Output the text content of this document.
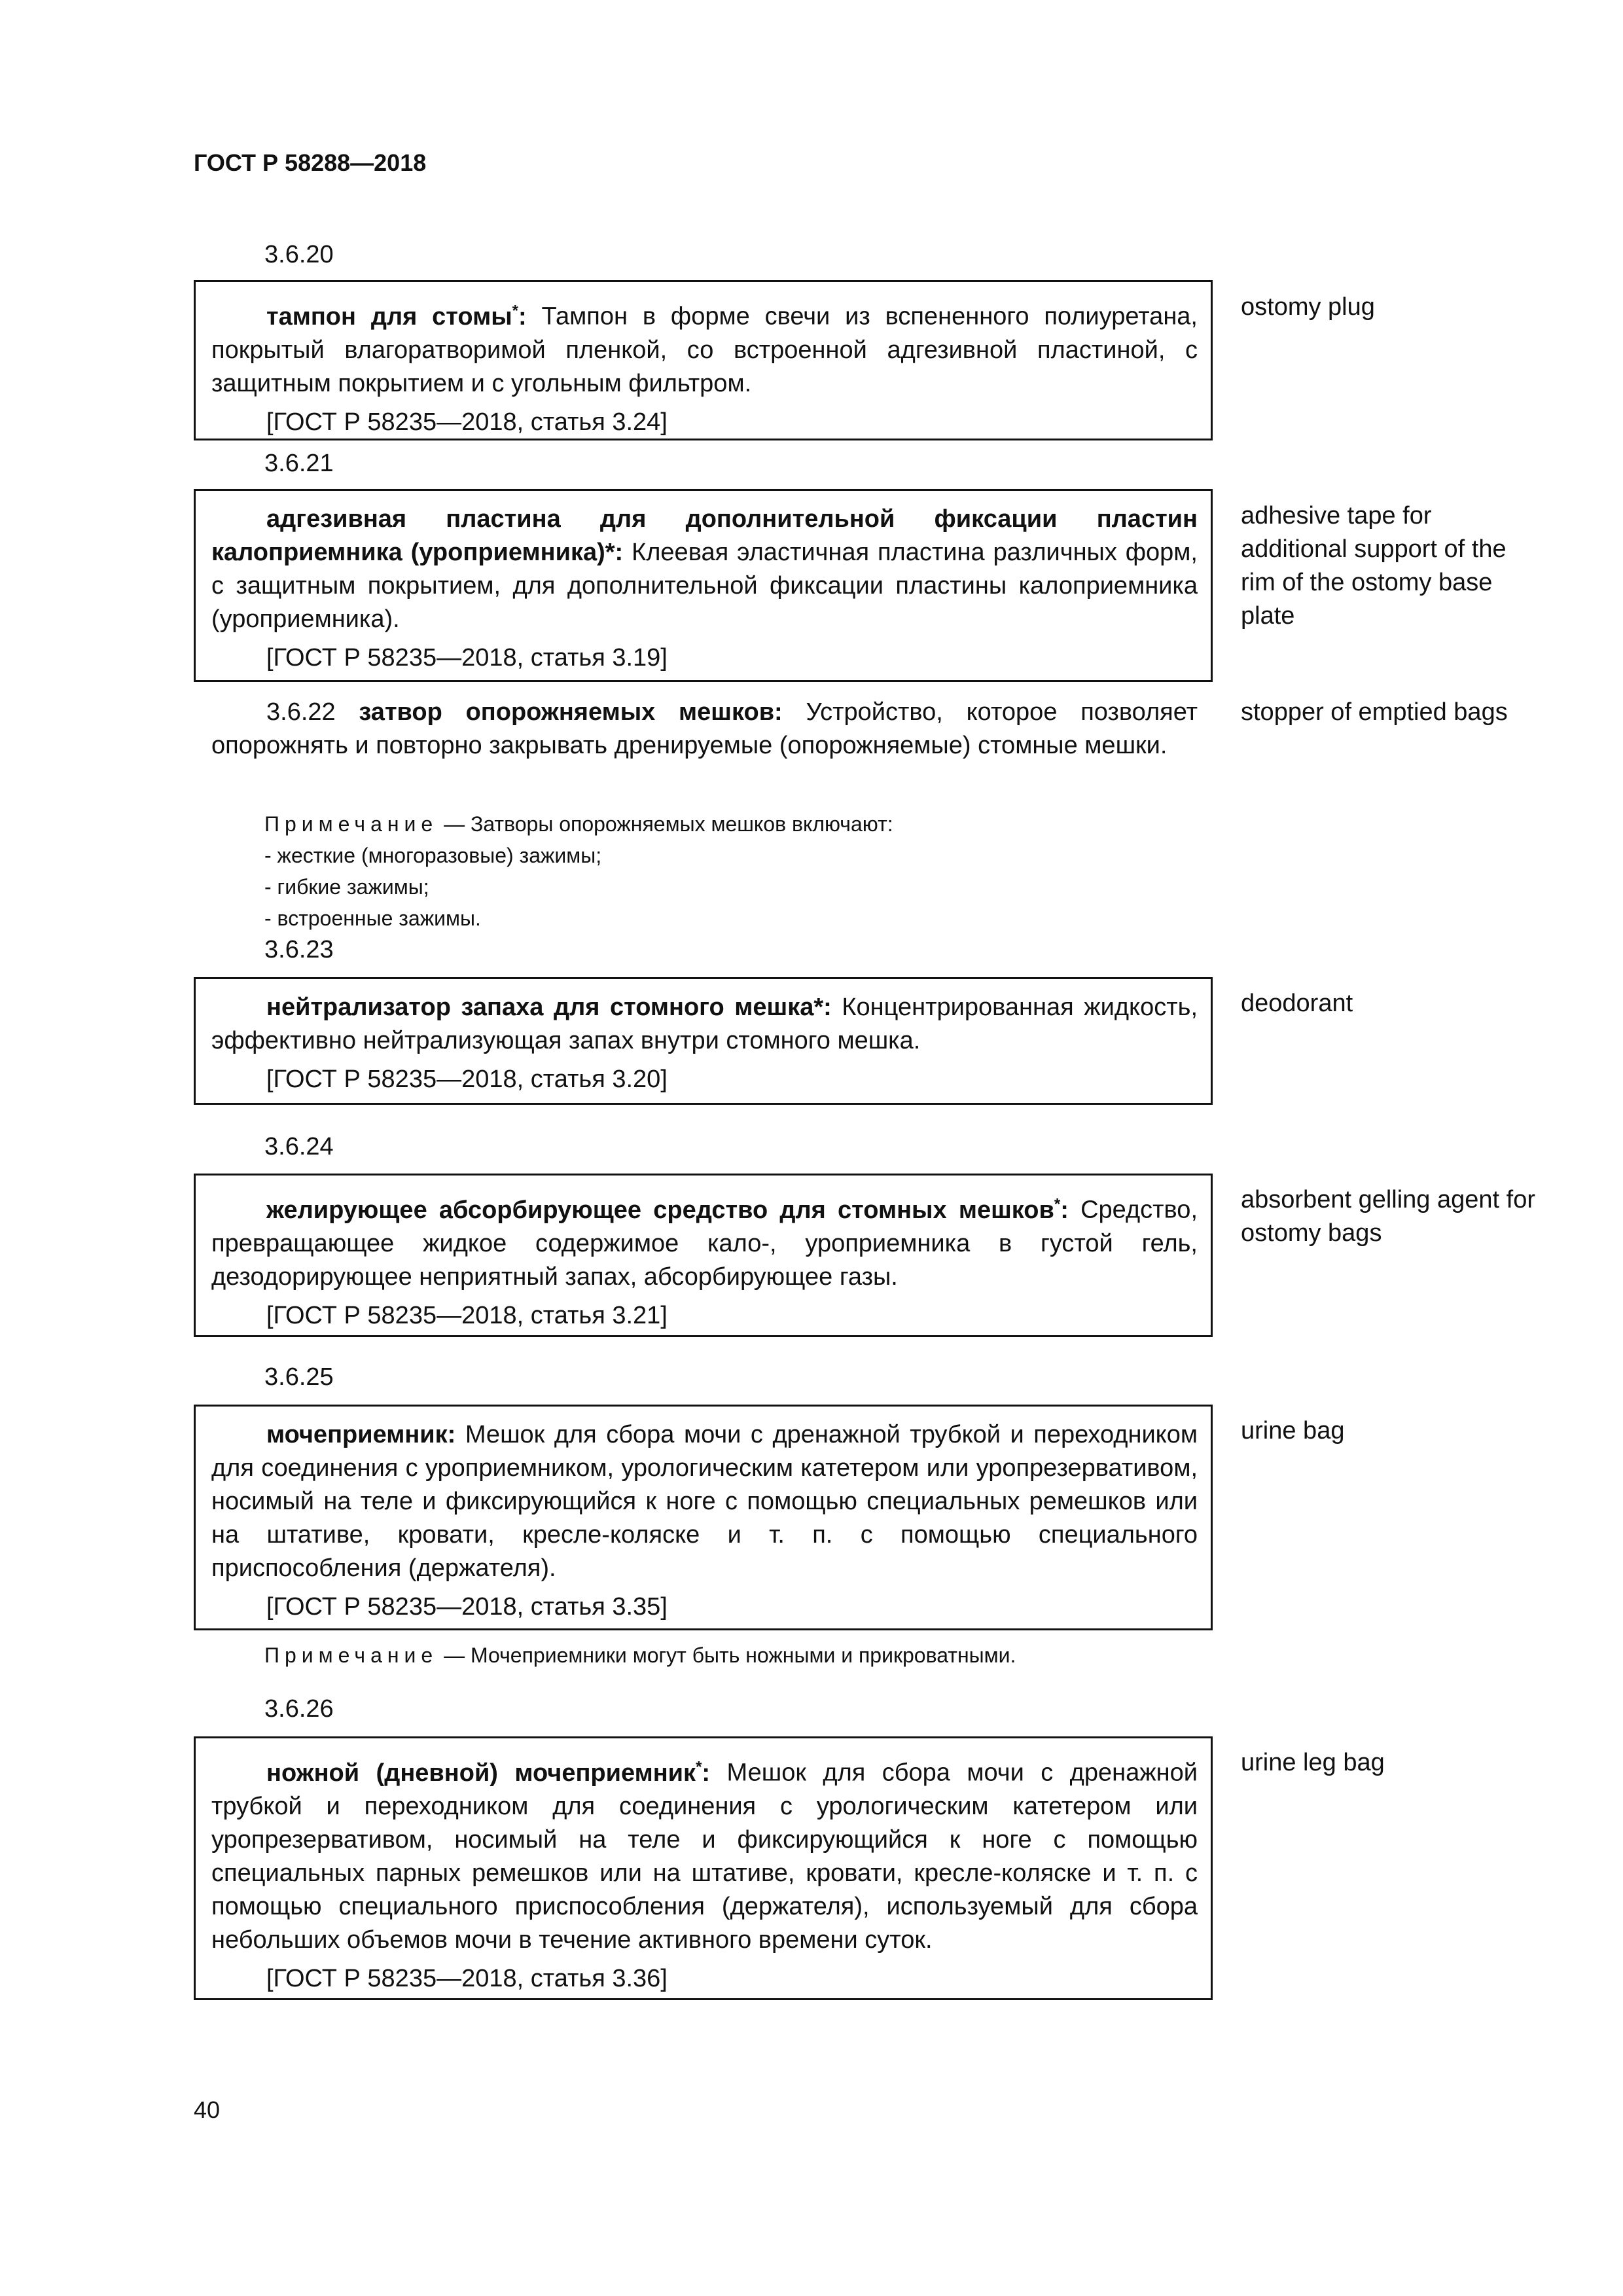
ГОСТ Р 58288—2018
3.6.20

тампон для стомы*: Тампон в форме свечи из вспененного полиуретана, покрытый влагоратворимой пленкой, со встроенной адгезивной пластиной, с защитным покрытием и с угольным фильтром.

[ГОСТ Р 58235—2018, статья 3.24]

ostomy plug

3.6.21

адгезивная пластина для дополнительной фиксации пластин калоприемника (уроприемника)*: Клеевая эластичная пластина различных форм, с защитным покрытием, для дополнительной фиксации пластины калоприемника (уроприемника).

[ГОСТ Р 58235—2018, статья 3.19]

adhesive tape for additional support of the rim of the ostomy base plate

3.6.22 затвор опорожняемых мешков: Устройство, которое позволяет опорожнять и повторно закрывать дренируемые (опорожняемые) стомные мешки.

stopper of emptied bags

Примечание — Затворы опорожняемых мешков включают:

- жесткие (многоразовые) зажимы;
- гибкие зажимы;
- встроенные зажимы.
3.6.23

нейтрализатор запаха для стомного мешка*: Концентрированная жидкость, эффективно нейтрализующая запах внутри стомного мешка.

[ГОСТ Р 58235—2018, статья 3.20]

deodorant

3.6.24

желирующее абсорбирующее средство для стомных мешков*: Средство, превращающее жидкое содержимое кало-, уроприемника в густой гель, дезодорирующее неприятный запах, абсорбирующее газы.

[ГОСТ Р 58235—2018, статья 3.21]

absorbent gelling agent for ostomy bags

3.6.25

мочеприемник: Мешок для сбора мочи с дренажной трубкой и переходником для соединения с уроприемником, урологическим катетером или уропрезервативом, носимый на теле и фиксирующийся к ноге с помощью специальных ремешков или на штативе, кровати, кресле-коляске и т. п. с помощью специального приспособления (держателя).

[ГОСТ Р 58235—2018, статья 3.35]

urine bag

Примечание — Мочеприемники могут быть ножными и прикроватными.

3.6.26

ножной (дневной) мочеприемник*: Мешок для сбора мочи с дренажной трубкой и переходником для соединения с урологическим катетером или уропрезервативом, носимый на теле и фиксирующийся к ноге с помощью специальных парных ремешков или на штативе, кровати, кресле-коляске и т. п. с помощью специального приспособления (держателя), используемый для сбора небольших объемов мочи в течение активного времени суток.

[ГОСТ Р 58235—2018, статья 3.36]

urine leg bag

40
